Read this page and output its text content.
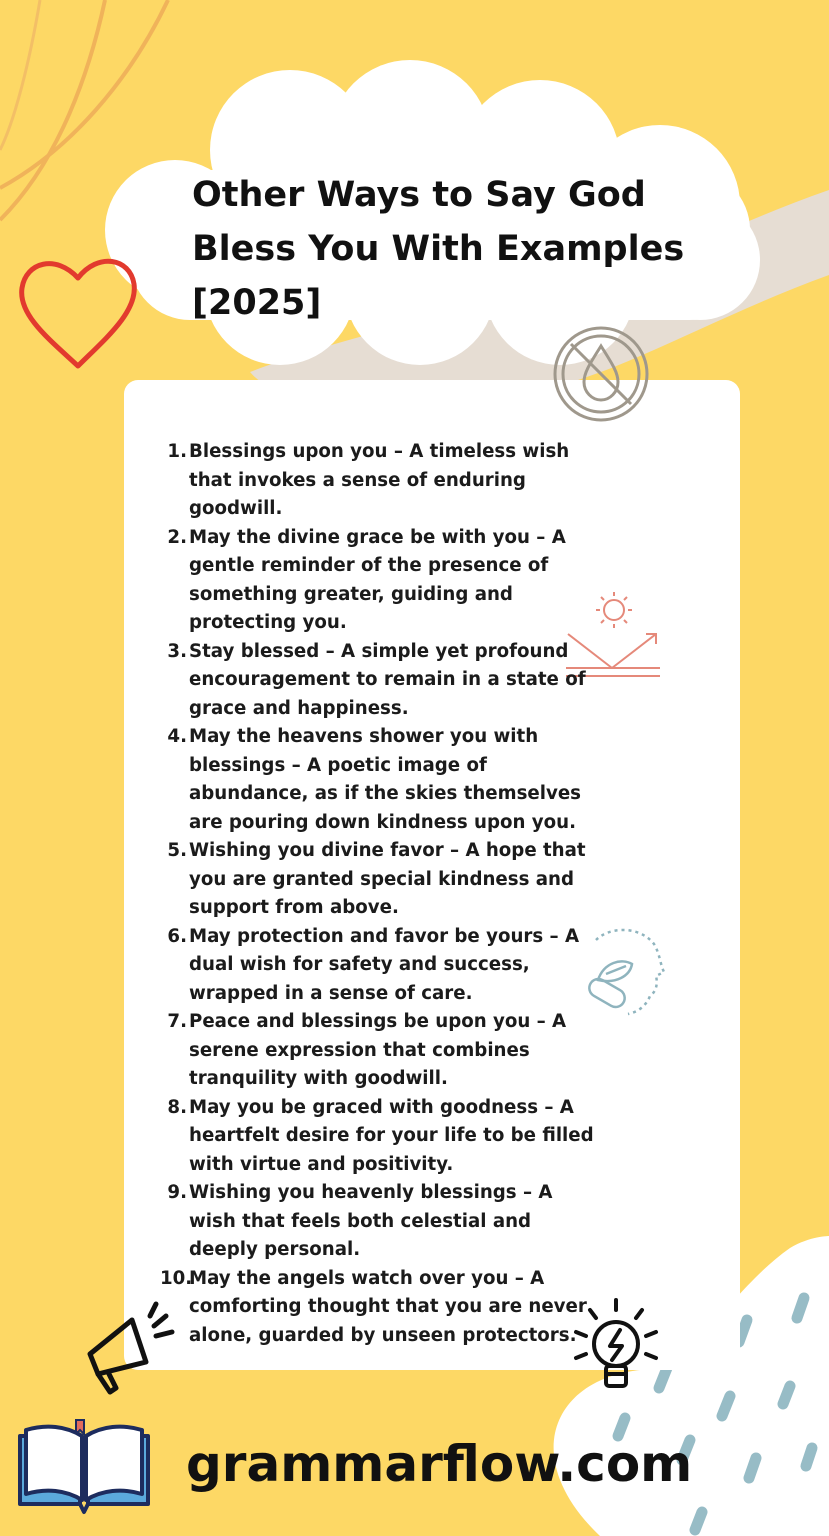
Other Ways to Say God
Bless You With Examples
[2025]
1. Blessings upon you – A timeless wish that invokes a sense of enduring goodwill.
2. May the divine grace be with you – A gentle reminder of the presence of something greater, guiding and protecting you.
3. Stay blessed – A simple yet profound encouragement to remain in a state of grace and happiness.
4. May the heavens shower you with blessings – A poetic image of abundance, as if the skies themselves are pouring down kindness upon you.
5. Wishing you divine favor – A hope that you are granted special kindness and support from above.
6. May protection and favor be yours – A dual wish for safety and success, wrapped in a sense of care.
7. Peace and blessings be upon you – A serene expression that combines tranquility with goodwill.
8. May you be graced with goodness – A heartfelt desire for your life to be filled with virtue and positivity.
9. Wishing you heavenly blessings – A wish that feels both celestial and deeply personal.
10.
May the angels watch over you – A comforting thought that you are never alone, guarded by unseen protectors.

grammarflow.com
